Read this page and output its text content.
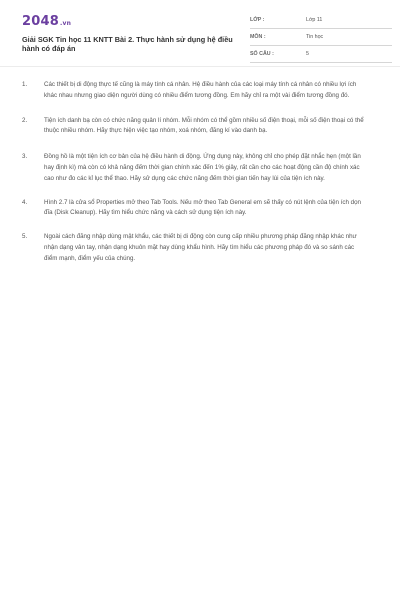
2048.vn
Giải SGK Tin học 11 KNTT Bài 2. Thực hành sử dụng hệ điều hành có đáp án
LỚP :	Lớp 11
MÔN :	Tin học
SỐ CÂU :	5
1.	Các thiết bị di động thực tế cũng là máy tính cá nhân. Hệ điều hành của các loại máy tính cá nhân có nhiều lợi ích khác nhau nhưng giao diện người dùng có nhiều điểm tương đồng. Em hãy chỉ ra một vài điểm tương đồng đó.
2.	Tiện ích danh bạ còn có chức năng quản lí nhóm. Mỗi nhóm có thể gồm nhiều số điện thoại, mỗi số điện thoại có thể thuộc nhiều nhóm. Hãy thực hiện việc tạo nhóm, xoá nhóm, đăng kí vào danh bạ.
3.	Đồng hồ là một tiện ích cơ bản của hệ điều hành di động. Ứng dụng này, không chỉ cho phép đặt nhắc hẹn (một lần hay định kì) mà còn có khả năng đếm thời gian chính xác đến 1% giây, rất cần cho các hoạt động cần độ chính xác cao như đo các kỉ lục thể thao. Hãy sử dụng các chức năng đếm thời gian tiến hay lùi của tiện ích này.
4.	Hình 2.7 là cửa sổ Properties mở theo Tab Tools. Nếu mở theo Tab General em sẽ thấy có nút lệnh của tiện ích dọn đĩa (Disk Cleanup). Hãy tìm hiểu chức năng và cách sử dụng tiện ích này.
5.	Ngoài cách đăng nhập dùng mật khẩu, các thiết bị di động còn cung cấp nhiều phương pháp đăng nhập khác như nhận dạng vân tay, nhận dạng khuôn mặt hay dùng khẩu hình. Hãy tìm hiểu các phương pháp đó và so sánh các điểm mạnh, điểm yếu của chúng.
